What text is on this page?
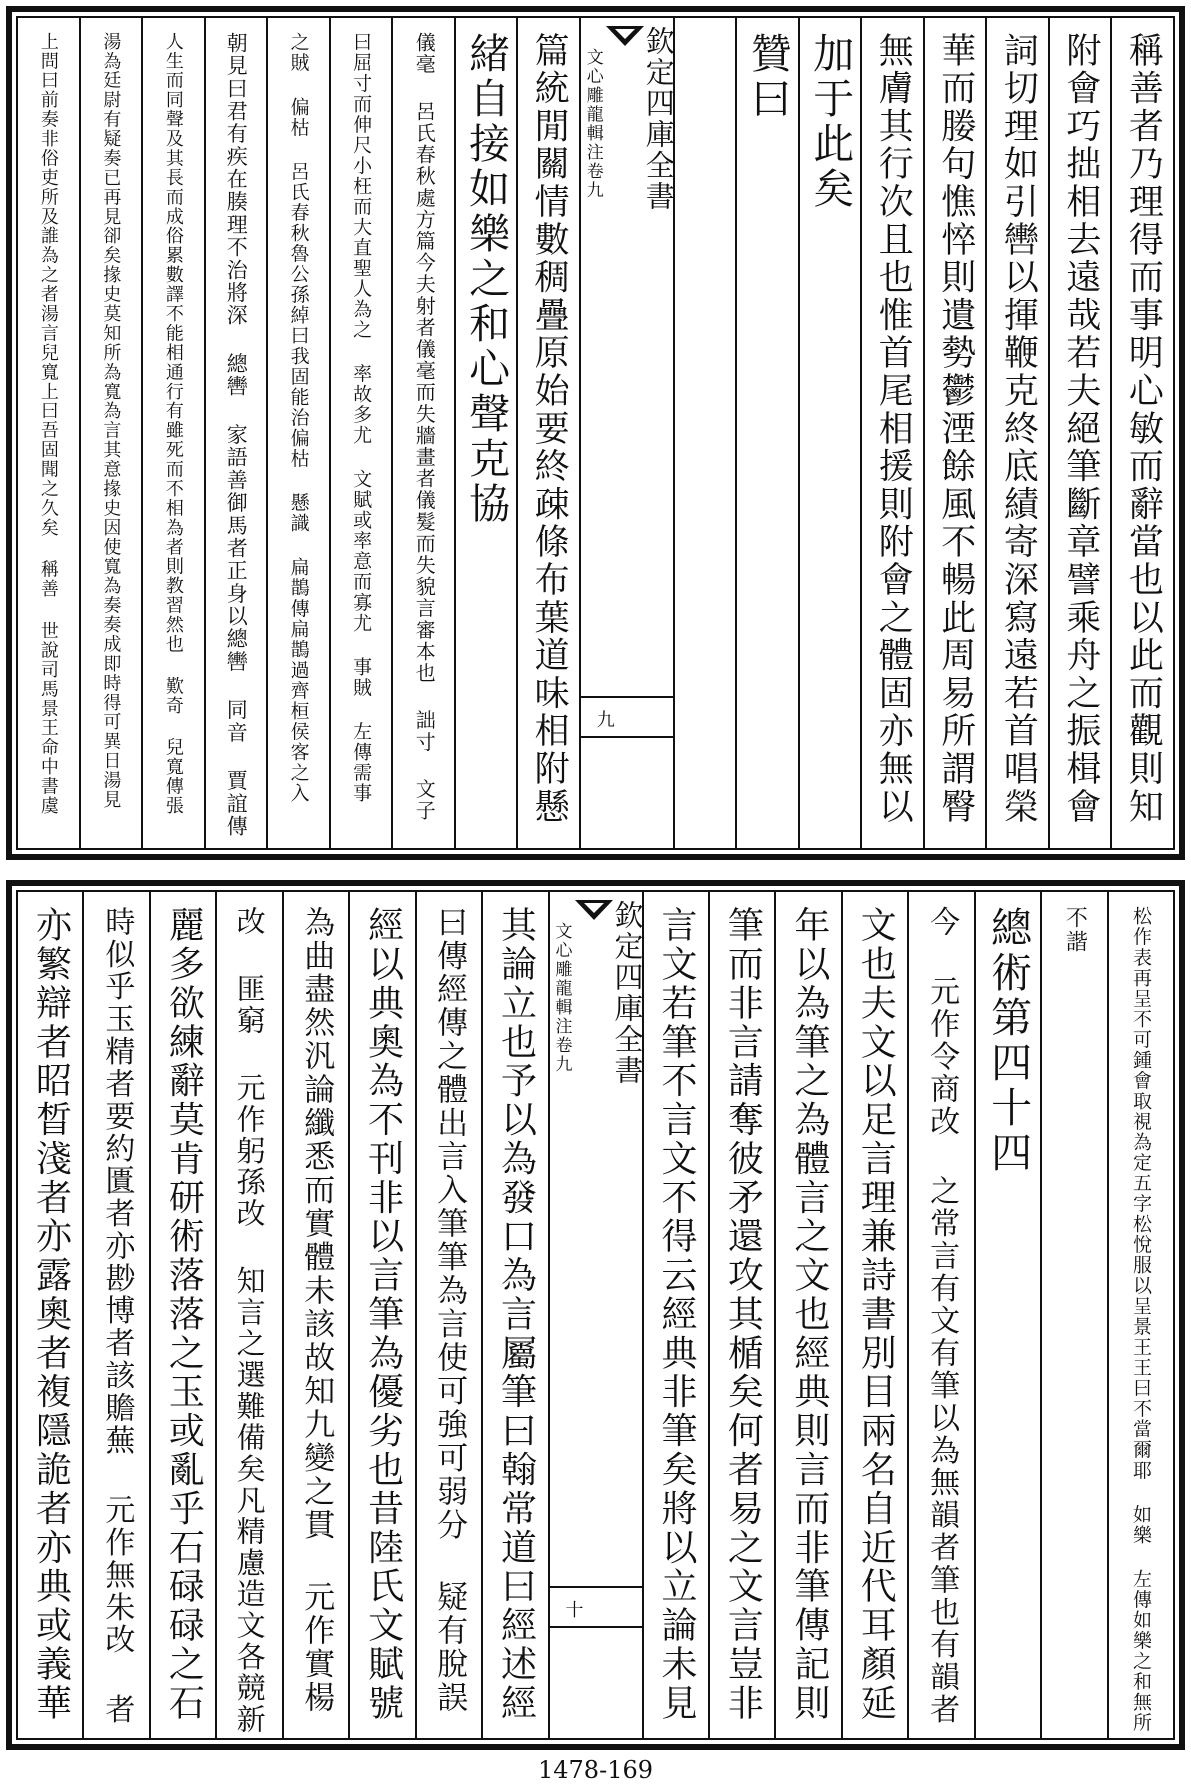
稱善者乃理得而事明心敏而辭當也以此而觀則知
附會巧拙相去遠哉若夫絕筆斷章譬乘舟之振楫會
詞切理如引轡以揮鞭克終底績寄深寫遠若首唱榮
華而媵句憔悴則遺勢鬱湮餘風不暢此周易所謂臀
無膚其行次且也惟首尾相援則附會之體固亦無以
加于此矣
贊曰
欽定四庫全書
文心雕龍輯注卷九
九
篇統閒關情數稠疊原始要終疎條布葉道味相附懸
緒自接如樂之和心聲克協
儀毫 呂氏春秋處方篇今夫射者儀毫而失牆畫者儀髮而失貌言審本也 詘寸 文子
曰屈寸而伸尺小枉而大直聖人為之 率故多尤 文賦或率意而寡尤 事賊 左傳需事
之賊 偏枯 呂氏春秋魯公孫綽曰我固能治偏枯 懸識 扁鵲傳扁鵲過齊桓侯客之入
朝見曰君有疾在腠理不治將深 總轡 家語善御馬者正身以總轡 同音 賈誼傳
人生而同聲及其長而成俗累數譯不能相通行有雖死而不相為者則教習然也 歎奇 兒寬傳張
湯為廷尉有疑奏已再見卻矣掾史莫知所為寬為言其意掾史因使寬為奏奏成即時得可異日湯見
上問曰前奏非俗吏所及誰為之者湯言兒寬上曰吾固聞之久矣 稱善 世說司馬景王命中書虞
松作表再呈不可鍾會取視為定五字松悅服以呈景王王曰不當爾耶 如樂 左傳如樂之和無所
不諧
總術第四十四
今 元作令商改 之常言有文有筆以為無韻者筆也有韻者
文也夫文以足言理兼詩書別目兩名自近代耳顏延
年以為筆之為體言之文也經典則言而非筆傳記則
筆而非言請奪彼矛還攻其楯矣何者易之文言豈非
言文若筆不言文不得云經典非筆矣將以立論未見
欽定四庫全書
文心雕龍輯注卷九
十
其論立也予以為發口為言屬筆曰翰常道曰經述經
曰傳經傳之體出言入筆筆為言使可強可弱分 疑有脫誤
經以典奧為不刊非以言筆為優劣也昔陸氏文賦號
為曲盡然汎論纖悉而實體未該故知九變之貫 元作實楊
改 匪窮 元作躬孫改 知言之選難備矣凡精慮造文各競新
麗多欲練辭莫肯研術落落之玉或亂乎石碌碌之石
時似乎玉精者要約匱者亦尠博者該贍蕪 元作無朱改 者
亦繁辯者昭晳淺者亦露奧者複隱詭者亦典或義華
1478-169
